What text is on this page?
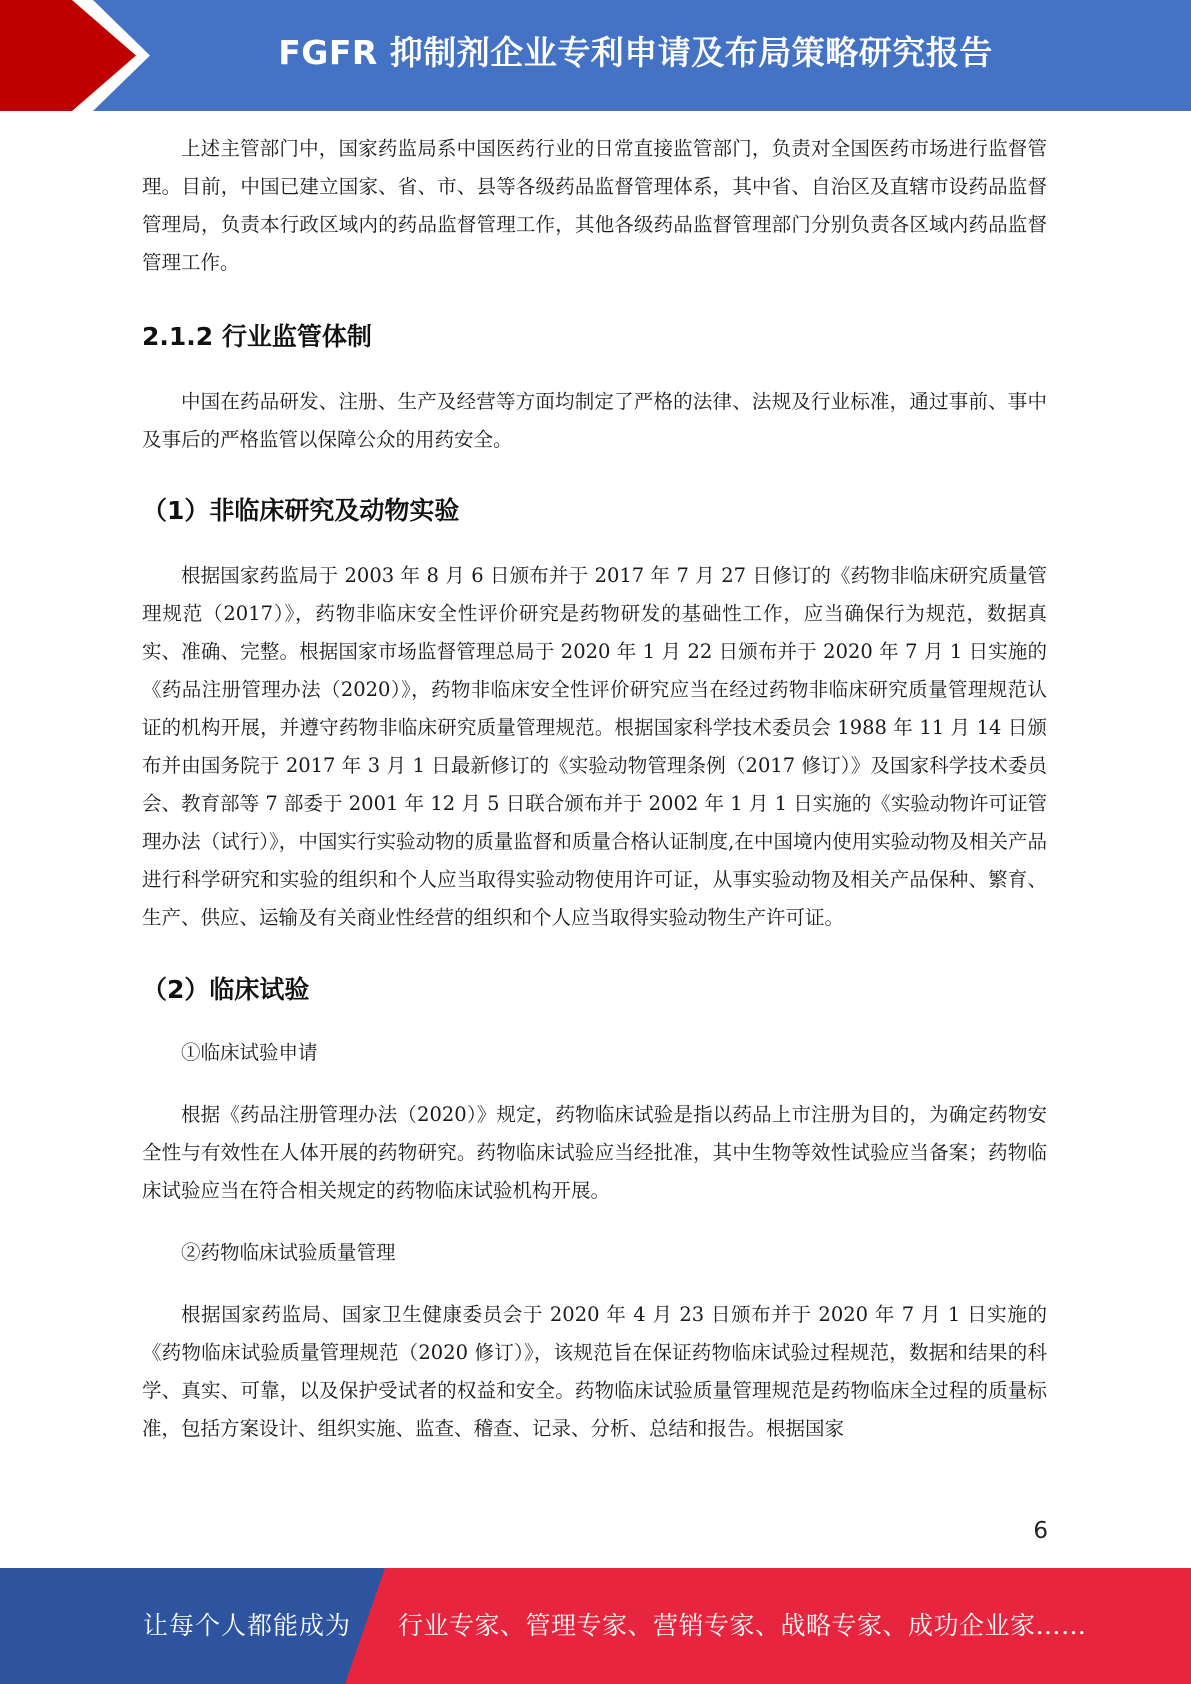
FGFR 抑制剂企业专利申请及布局策略研究报告

上述主管部门中，国家药监局系中国医药行业的日常直接监管部门，负责对全国医药市场进行监督管理。目前，中国已建立国家、省、市、县等各级药品监督管理体系，其中省、自治区及直辖市设药品监督管理局，负责本行政区域内的药品监督管理工作，其他各级药品监督管理部门分别负责各区域内药品监督管理工作。

2.1.2 行业监管体制

中国在药品研发、注册、生产及经营等方面均制定了严格的法律、法规及行业标准，通过事前、事中及事后的严格监管以保障公众的用药安全。

（1）非临床研究及动物实验

根据国家药监局于 2003 年 8 月 6 日颁布并于 2017 年 7 月 27 日修订的《药物非临床研究质量管理规范（2017）》，药物非临床安全性评价研究是药物研发的基础性工作，应当确保行为规范，数据真实、准确、完整。根据国家市场监督管理总局于 2020 年 1 月 22 日颁布并于 2020 年 7 月 1 日实施的《药品注册管理办法（2020）》，药物非临床安全性评价研究应当在经过药物非临床研究质量管理规范认证的机构开展，并遵守药物非临床研究质量管理规范。根据国家科学技术委员会 1988 年 11 月 14 日颁布并由国务院于 2017 年 3 月 1 日最新修订的《实验动物管理条例（2017 修订）》及国家科学技术委员会、教育部等 7 部委于 2001 年 12 月 5 日联合颁布并于 2002 年 1 月 1 日实施的《实验动物许可证管理办法（试行）》，中国实行实验动物的质量监督和质量合格认证制度,在中国境内使用实验动物及相关产品进行科学研究和实验的组织和个人应当取得实验动物使用许可证，从事实验动物及相关产品保种、繁育、生产、供应、运输及有关商业性经营的组织和个人应当取得实验动物生产许可证。

（2）临床试验

①临床试验申请

根据《药品注册管理办法（2020）》规定，药物临床试验是指以药品上市注册为目的，为确定药物安全性与有效性在人体开展的药物研究。药物临床试验应当经批准，其中生物等效性试验应当备案；药物临床试验应当在符合相关规定的药物临床试验机构开展。

②药物临床试验质量管理

根据国家药监局、国家卫生健康委员会于 2020 年 4 月 23 日颁布并于 2020 年 7 月 1 日实施的《药物临床试验质量管理规范（2020 修订）》，该规范旨在保证药物临床试验过程规范，数据和结果的科学、真实、可靠，以及保护受试者的权益和安全。药物临床试验质量管理规范是药物临床全过程的质量标准，包括方案设计、组织实施、监查、稽查、记录、分析、总结和报告。根据国家

6
让每个人都能成为 行业专家、管理专家、营销专家、战略专家、成功企业家……
